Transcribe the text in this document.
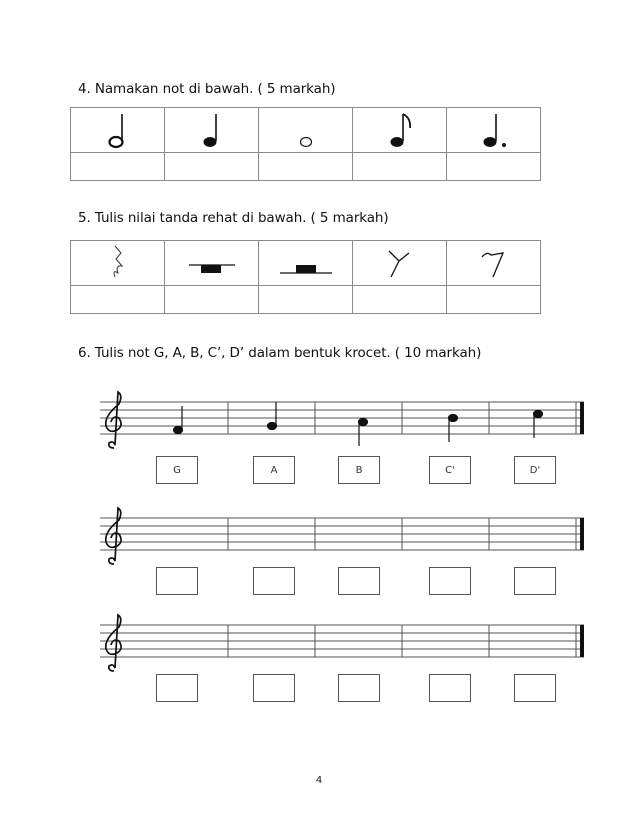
4. Namakan not di bawah. ( 5 markah)

5. Tulis nilai tanda rehat di bawah. ( 5 markah)

6. Tulis not G, A, B, C’, D’ dalam bentuk krocet. ( 10 markah)
G	A	B	C'	D'
4
